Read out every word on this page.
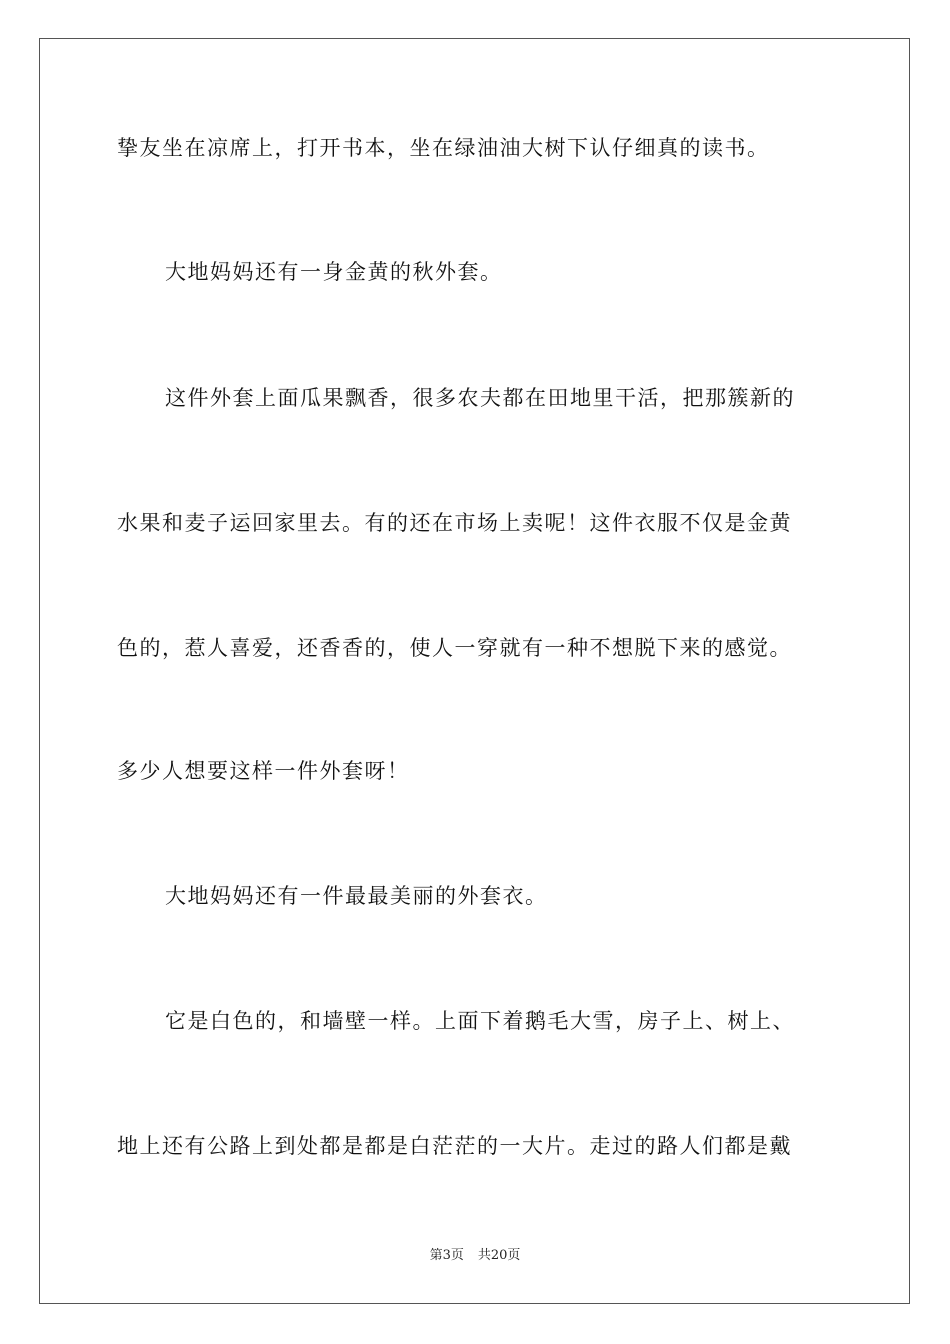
挚友坐在凉席上，打开书本，坐在绿油油大树下认仔细真的读书。
大地妈妈还有一身金黄的秋外套。
这件外套上面瓜果飘香，很多农夫都在田地里干活，把那簇新的
水果和麦子运回家里去。有的还在市场上卖呢！这件衣服不仅是金黄
色的，惹人喜爱，还香香的，使人一穿就有一种不想脱下来的感觉。
多少人想要这样一件外套呀！
大地妈妈还有一件最最美丽的外套衣。
它是白色的，和墙壁一样。上面下着鹅毛大雪，房子上、树上、
地上还有公路上到处都是都是白茫茫的一大片。走过的路人们都是戴
第3页 共20页
